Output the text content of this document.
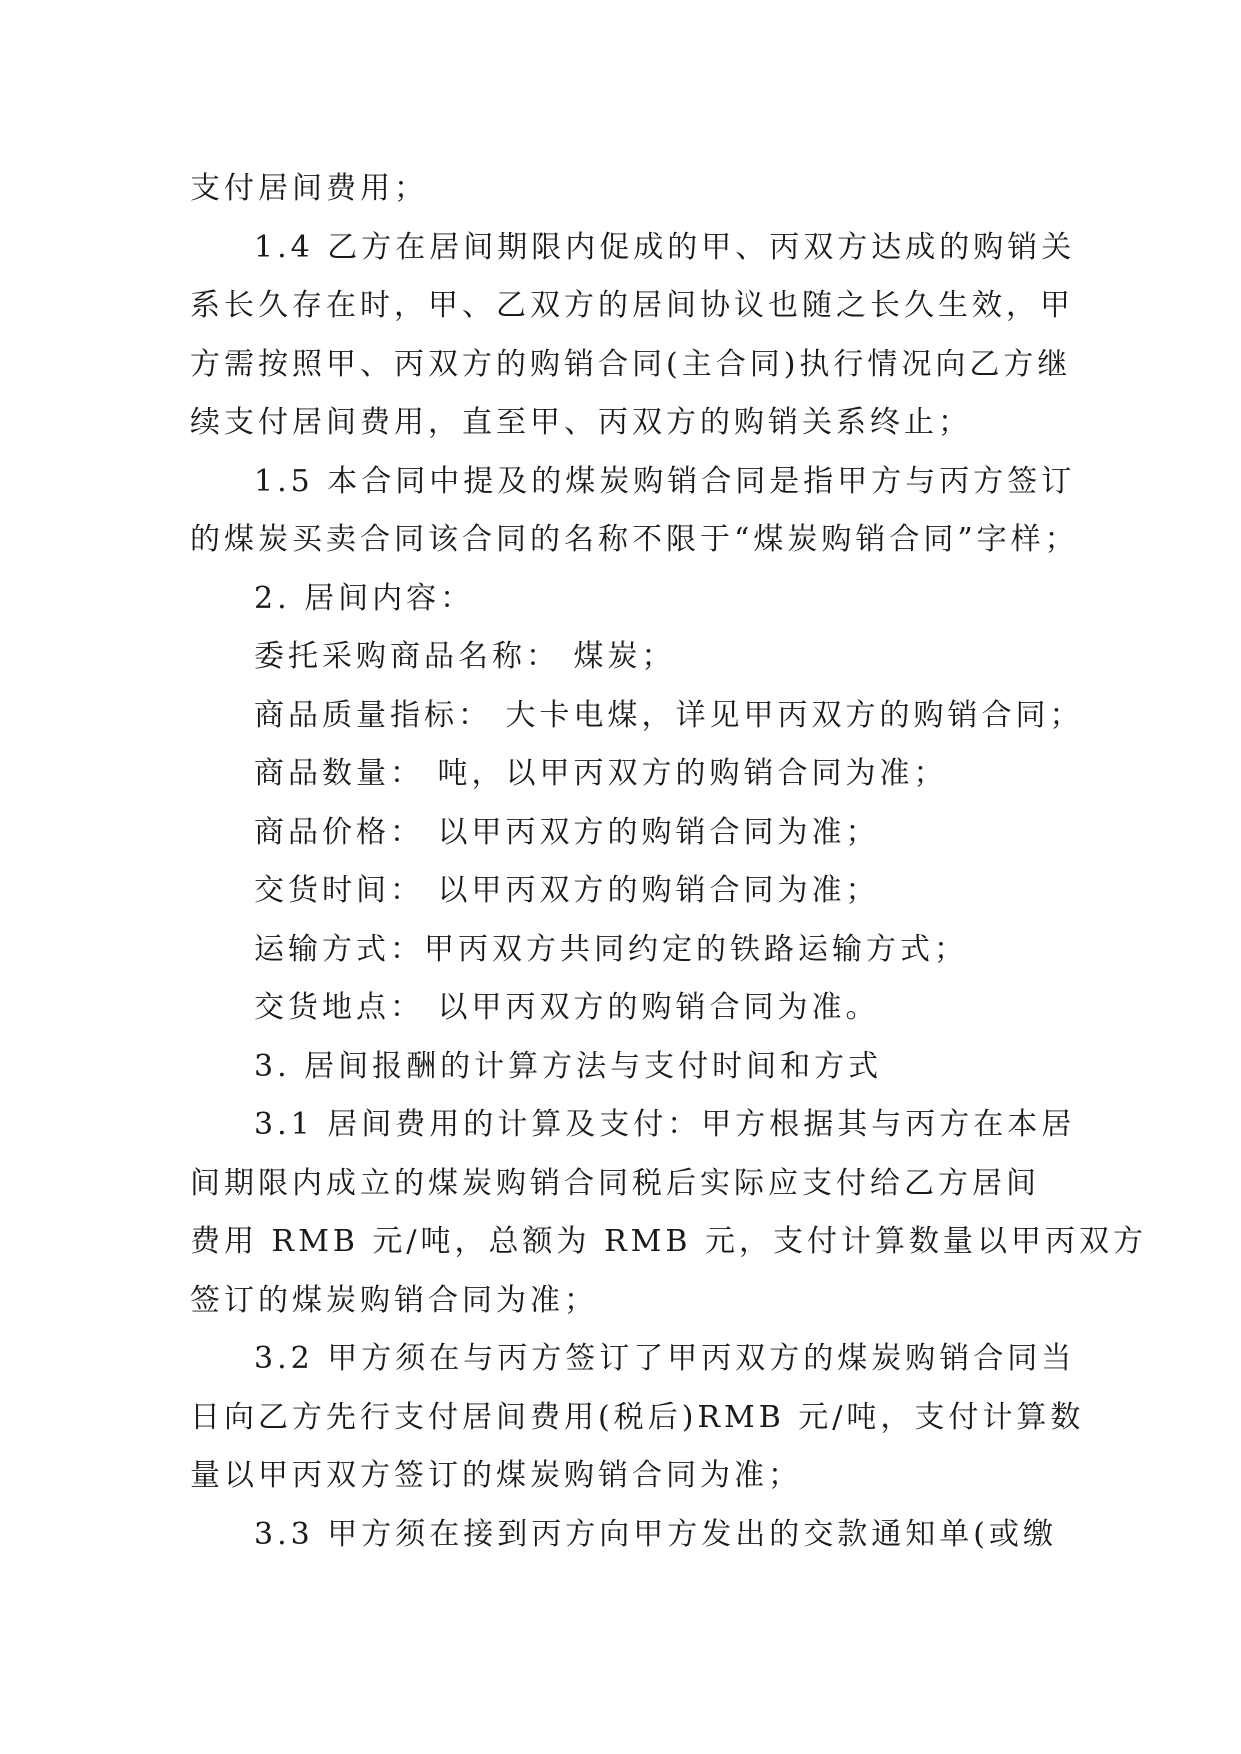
支付居间费用；
1.4 乙方在居间期限内促成的甲、丙双方达成的购销关
系长久存在时，甲、乙双方的居间协议也随之长久生效，甲
方需按照甲、丙双方的购销合同(主合同)执行情况向乙方继
续支付居间费用，直至甲、丙双方的购销关系终止；
1.5 本合同中提及的煤炭购销合同是指甲方与丙方签订
的煤炭买卖合同该合同的名称不限于“煤炭购销合同”字样；
2. 居间内容：
委托采购商品名称： 煤炭；
商品质量指标： 大卡电煤，详见甲丙双方的购销合同；
商品数量： 吨，以甲丙双方的购销合同为准；
商品价格： 以甲丙双方的购销合同为准；
交货时间： 以甲丙双方的购销合同为准；
运输方式：甲丙双方共同约定的铁路运输方式；
交货地点： 以甲丙双方的购销合同为准。
3. 居间报酬的计算方法与支付时间和方式
3.1 居间费用的计算及支付：甲方根据其与丙方在本居
间期限内成立的煤炭购销合同税后实际应支付给乙方居间
费用 RMB 元/吨，总额为 RMB 元，支付计算数量以甲丙双方
签订的煤炭购销合同为准；
3.2 甲方须在与丙方签订了甲丙双方的煤炭购销合同当
日向乙方先行支付居间费用(税后)RMB 元/吨，支付计算数
量以甲丙双方签订的煤炭购销合同为准；
3.3 甲方须在接到丙方向甲方发出的交款通知单(或缴
